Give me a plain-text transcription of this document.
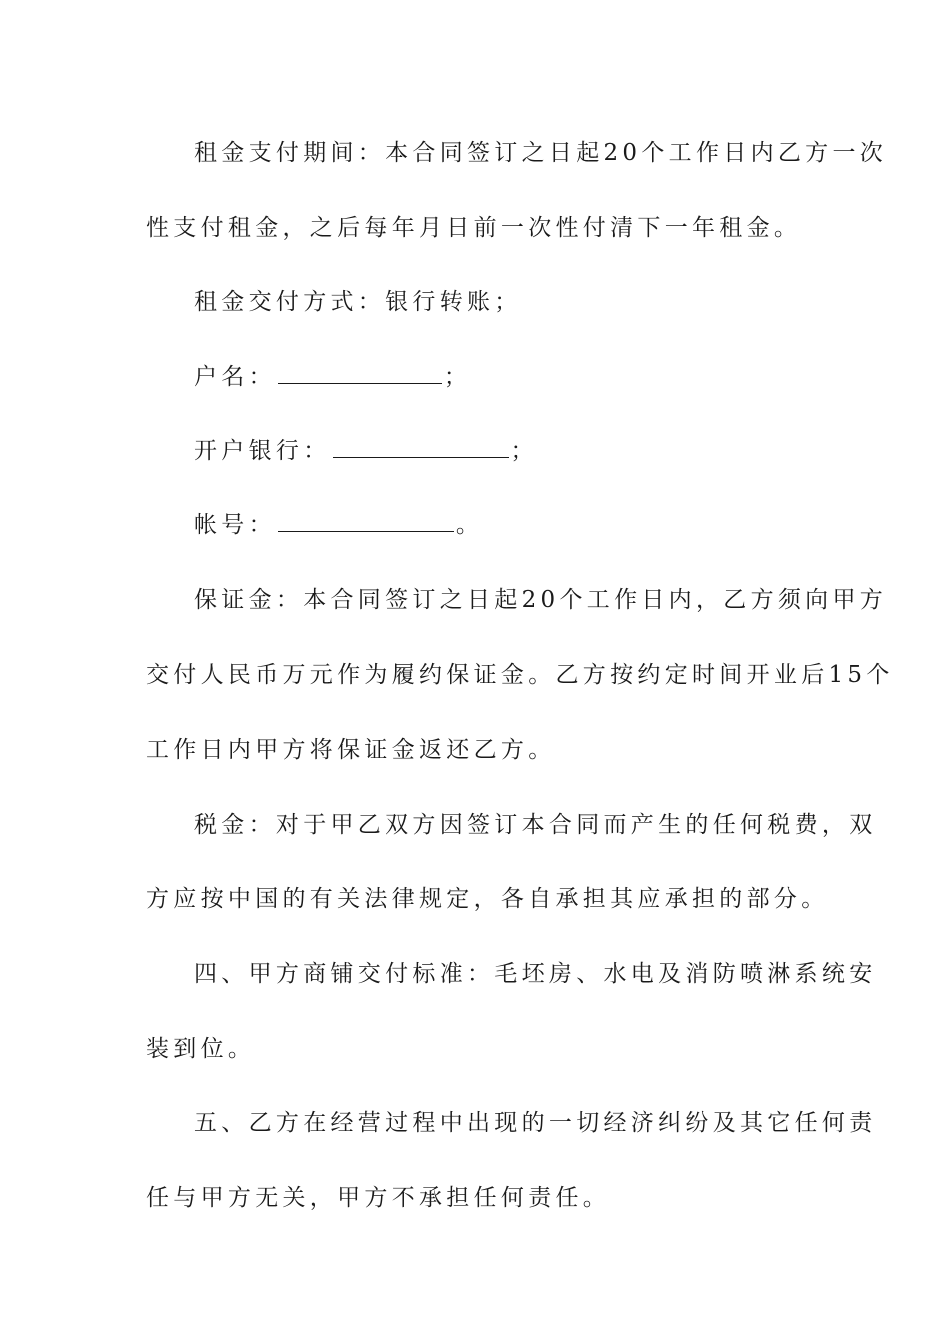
租金支付期间：本合同签订之日起20个工作日内乙方一次
性支付租金，之后每年月日前一次性付清下一年租金。
租金交付方式：银行转账；
户名：	；
开户银行：	；
帐号：	。
保证金：本合同签订之日起20个工作日内，乙方须向甲方
交付人民币万元作为履约保证金。乙方按约定时间开业后15个
工作日内甲方将保证金返还乙方。
税金：对于甲乙双方因签订本合同而产生的任何税费，双
方应按中国的有关法律规定，各自承担其应承担的部分。
四、甲方商铺交付标准：毛坯房、水电及消防喷淋系统安
装到位。
五、乙方在经营过程中出现的一切经济纠纷及其它任何责
任与甲方无关，甲方不承担任何责任。
